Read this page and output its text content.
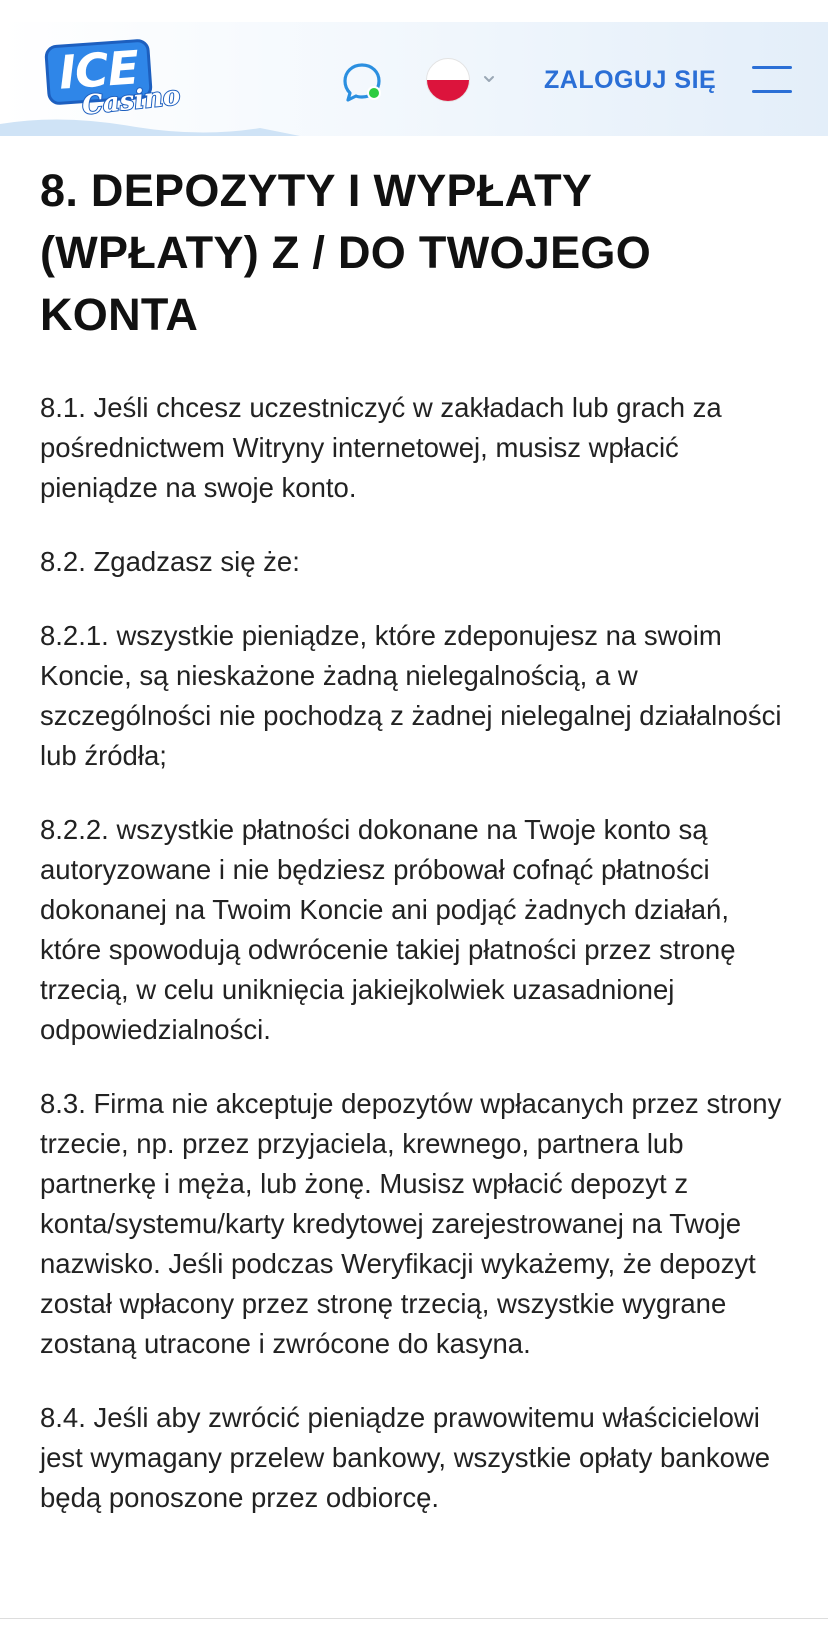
ICE
Casino
ZALOGUJ SIĘ
8. DEPOZYTY I WYPŁATY (WPŁATY) Z / DO TWOJEGO KONTA

8.1. Jeśli chcesz uczestniczyć w zakładach lub grach za pośrednictwem Witryny internetowej, musisz wpłacić pieniądze na swoje konto.

8.2. Zgadzasz się że:

8.2.1. wszystkie pieniądze, które zdeponujesz na swoim Koncie, są nieskażone żadną nielegalnością, a w szczególności nie pochodzą z żadnej nielegalnej działalności lub źródła;

8.2.2. wszystkie płatności dokonane na Twoje konto są autoryzowane i nie będziesz próbował cofnąć płatności dokonanej na Twoim Koncie ani podjąć żadnych działań, które spowodują odwrócenie takiej płatności przez stronę trzecią, w celu uniknięcia jakiejkolwiek uzasadnionej odpowiedzialności.

8.3. Firma nie akceptuje depozytów wpłacanych przez strony trzecie, np. przez przyjaciela, krewnego, partnera lub partnerkę i męża, lub żonę. Musisz wpłacić depozyt z konta/systemu/karty kredytowej zarejestrowanej na Twoje nazwisko. Jeśli podczas Weryfikacji wykażemy, że depozyt został wpłacony przez stronę trzecią, wszystkie wygrane zostaną utracone i zwrócone do kasyna.

8.4. Jeśli aby zwrócić pieniądze prawowitemu właścicielowi jest wymagany przelew bankowy, wszystkie opłaty bankowe będą ponoszone przez odbiorcę.
